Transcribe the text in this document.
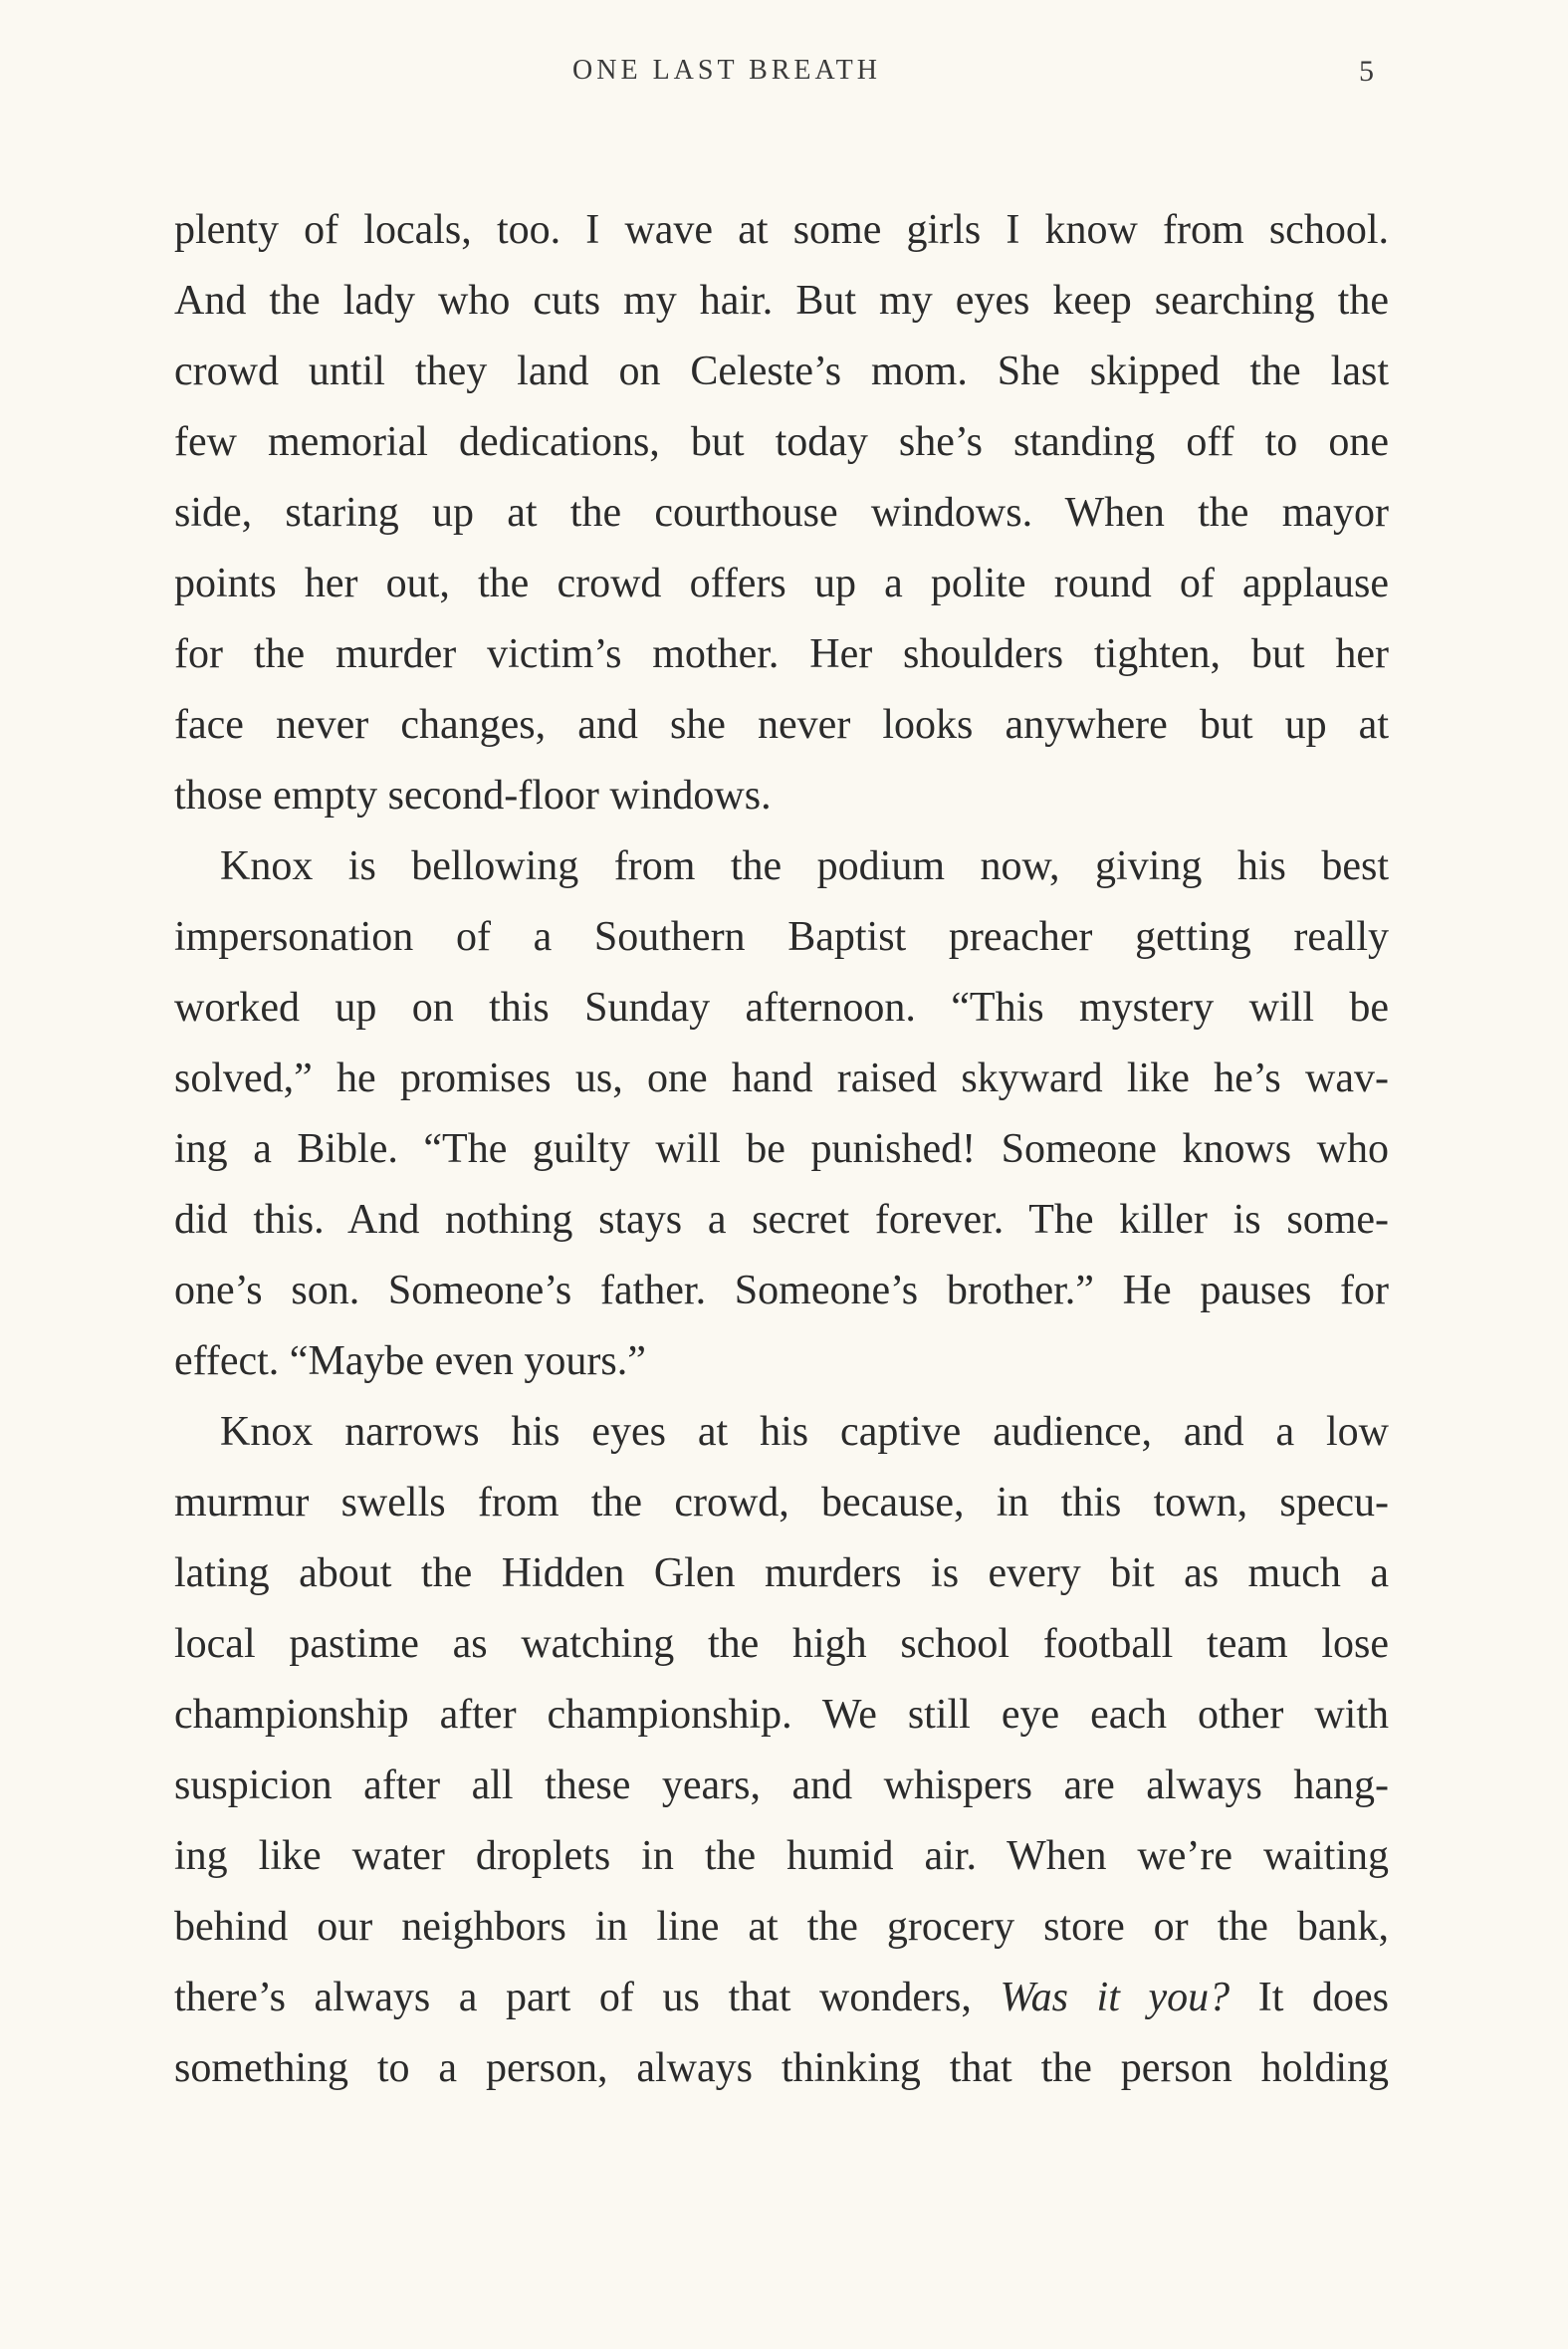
ONE LAST BREATH	5
plenty of locals, too. I wave at some girls I know from school.
And the lady who cuts my hair. But my eyes keep searching the
crowd until they land on Celeste’s mom. She skipped the last
few memorial dedications, but today she’s standing off to one
side, staring up at the courthouse windows. When the mayor
points her out, the crowd offers up a polite round of applause
for the murder victim’s mother. Her shoulders tighten, but her
face never changes, and she never looks anywhere but up at
those empty second-floor windows.
Knox is bellowing from the podium now, giving his best
impersonation of a Southern Baptist preacher getting really
worked up on this Sunday afternoon. “This mystery will be
solved,” he promises us, one hand raised skyward like he’s wav-
ing a Bible. “The guilty will be punished! Someone knows who
did this. And nothing stays a secret forever. The killer is some-
one’s son. Someone’s father. Someone’s brother.” He pauses for
effect. “Maybe even yours.”
Knox narrows his eyes at his captive audience, and a low
murmur swells from the crowd, because, in this town, specu-
lating about the Hidden Glen murders is every bit as much a
local pastime as watching the high school football team lose
championship after championship. We still eye each other with
suspicion after all these years, and whispers are always hang-
ing like water droplets in the humid air. When we’re waiting
behind our neighbors in line at the grocery store or the bank,
there’s always a part of us that wonders, Was it you? It does
something to a person, always thinking that the person holding
